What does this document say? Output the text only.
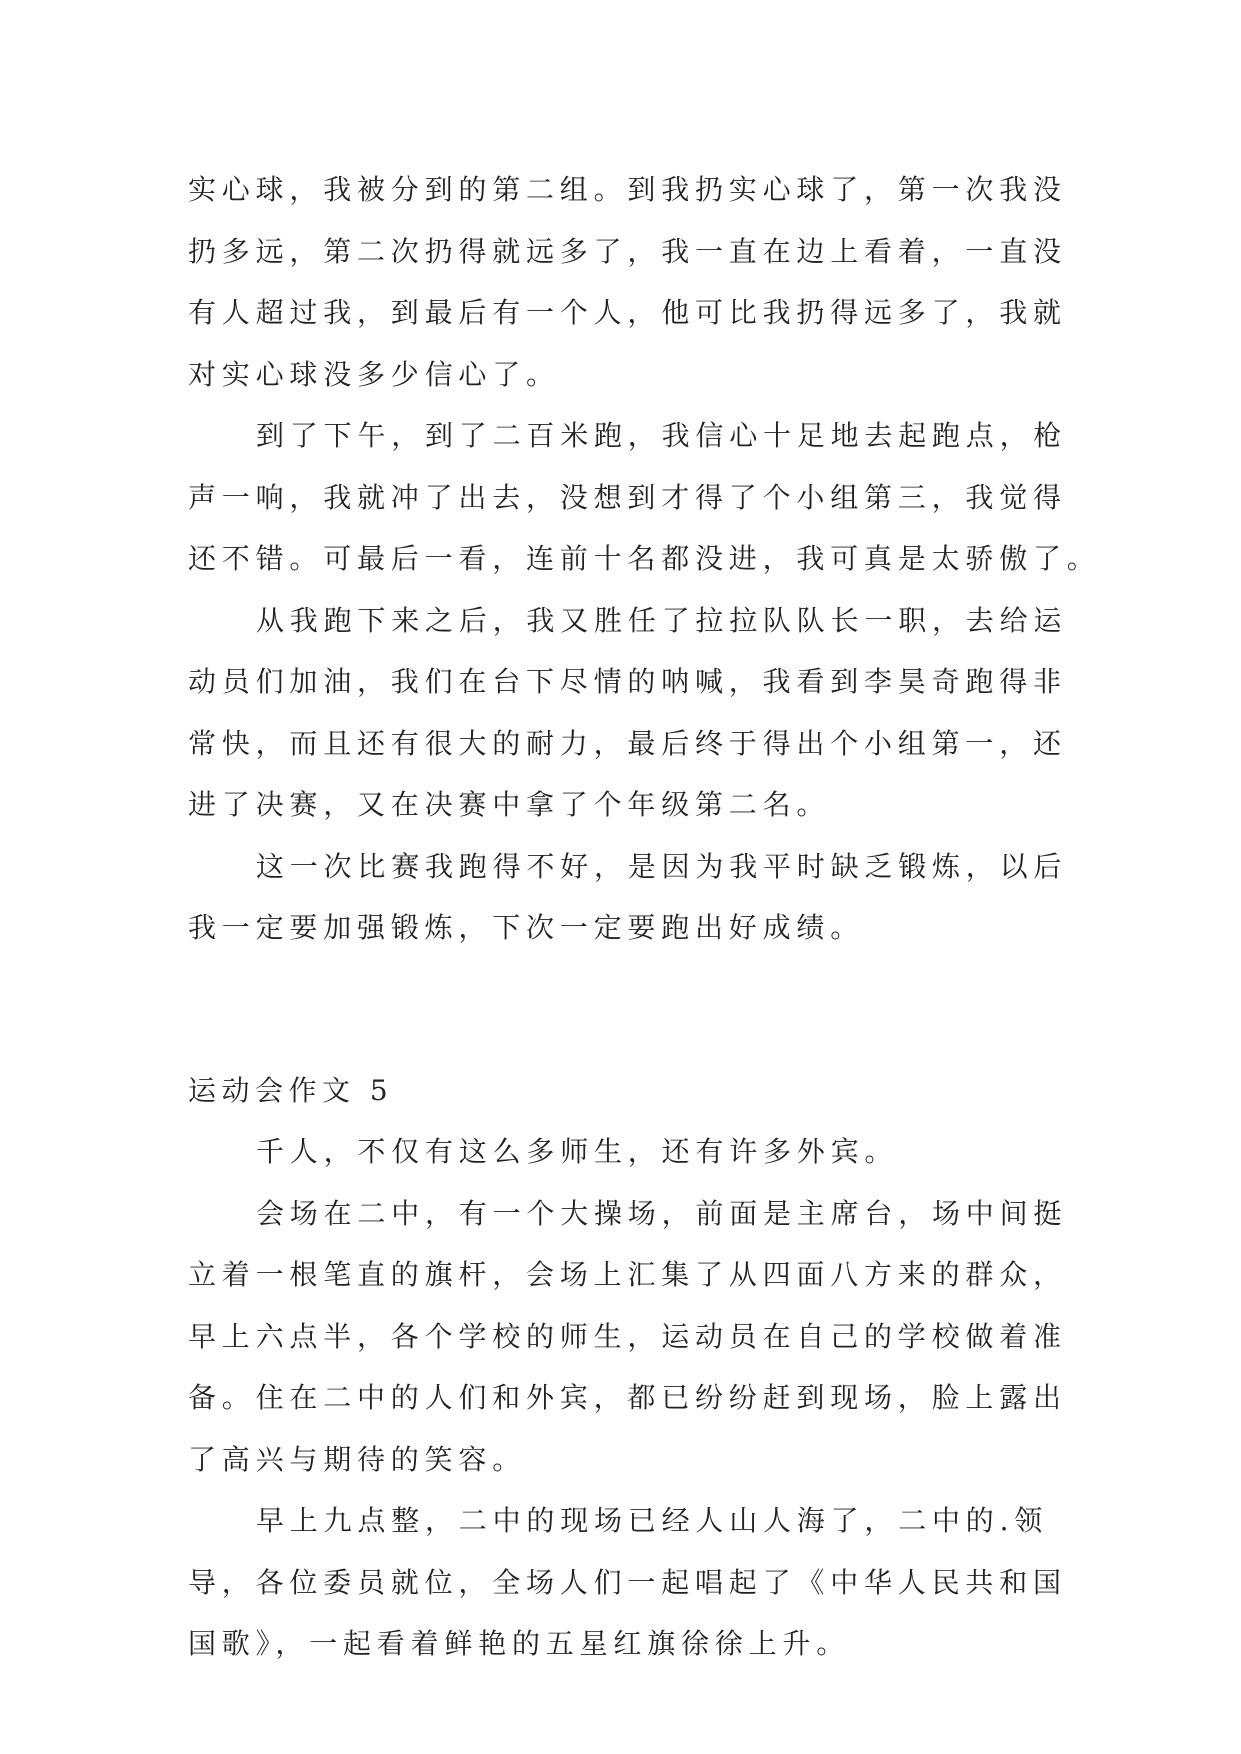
实心球，我被分到的第二组。到我扔实心球了，第一次我没
扔多远，第二次扔得就远多了，我一直在边上看着，一直没
有人超过我，到最后有一个人，他可比我扔得远多了，我就
对实心球没多少信心了。
到了下午，到了二百米跑，我信心十足地去起跑点，枪
声一响，我就冲了出去，没想到才得了个小组第三，我觉得
还不错。可最后一看，连前十名都没进，我可真是太骄傲了。
从我跑下来之后，我又胜任了拉拉队队长一职，去给运
动员们加油，我们在台下尽情的呐喊，我看到李昊奇跑得非
常快，而且还有很大的耐力，最后终于得出个小组第一，还
进了决赛，又在决赛中拿了个年级第二名。
这一次比赛我跑得不好，是因为我平时缺乏锻炼，以后
我一定要加强锻炼，下次一定要跑出好成绩。
运动会作文 5
千人，不仅有这么多师生，还有许多外宾。
会场在二中，有一个大操场，前面是主席台，场中间挺
立着一根笔直的旗杆，会场上汇集了从四面八方来的群众，
早上六点半，各个学校的师生，运动员在自己的学校做着准
备。住在二中的人们和外宾，都已纷纷赶到现场，脸上露出
了高兴与期待的笑容。
早上九点整，二中的现场已经人山人海了，二中的.领
导，各位委员就位，全场人们一起唱起了《中华人民共和国
国歌》，一起看着鲜艳的五星红旗徐徐上升。
